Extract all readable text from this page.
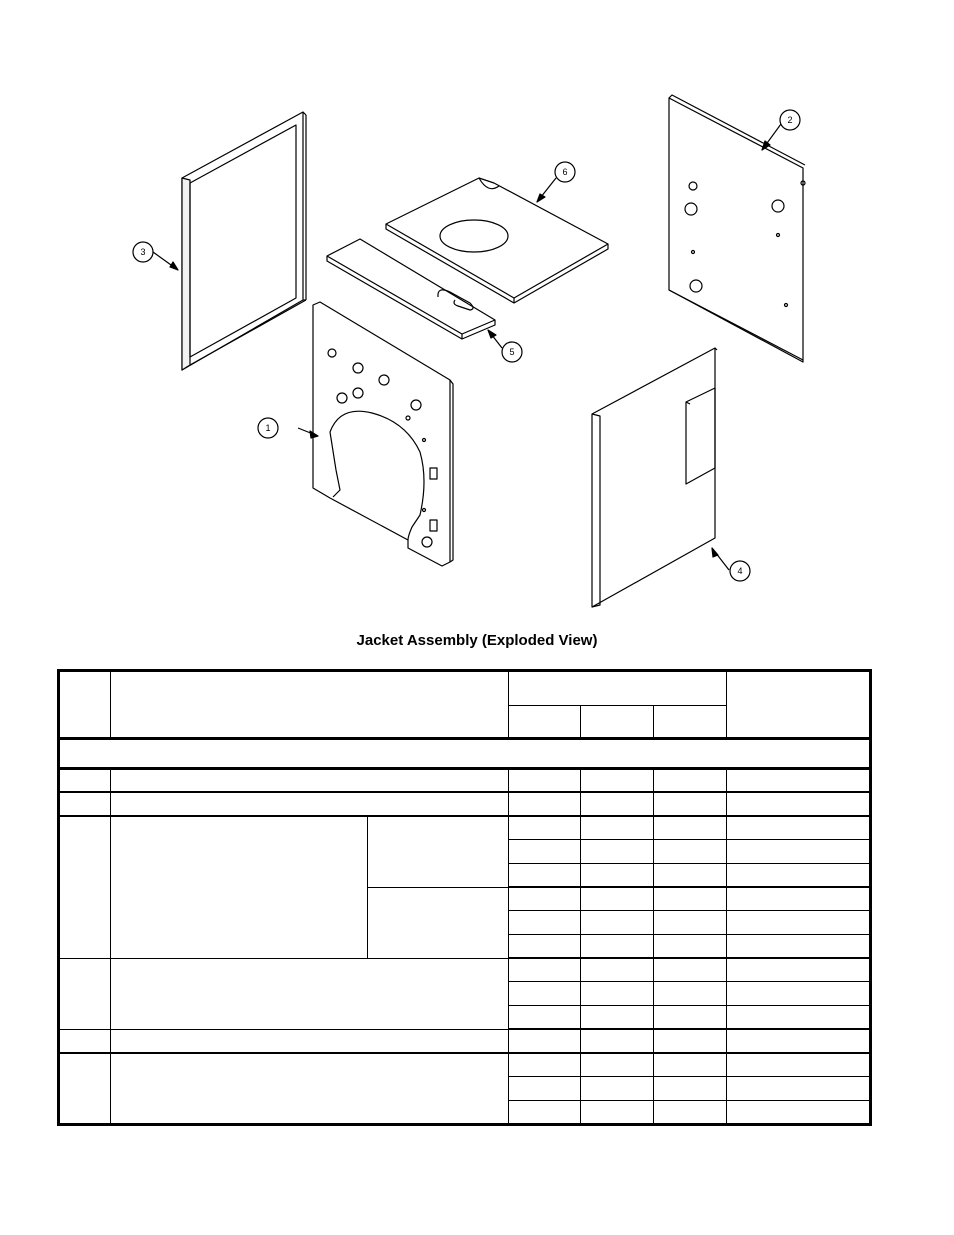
1
2
3
4
5
6
Jacket Assembly (Exploded View)
